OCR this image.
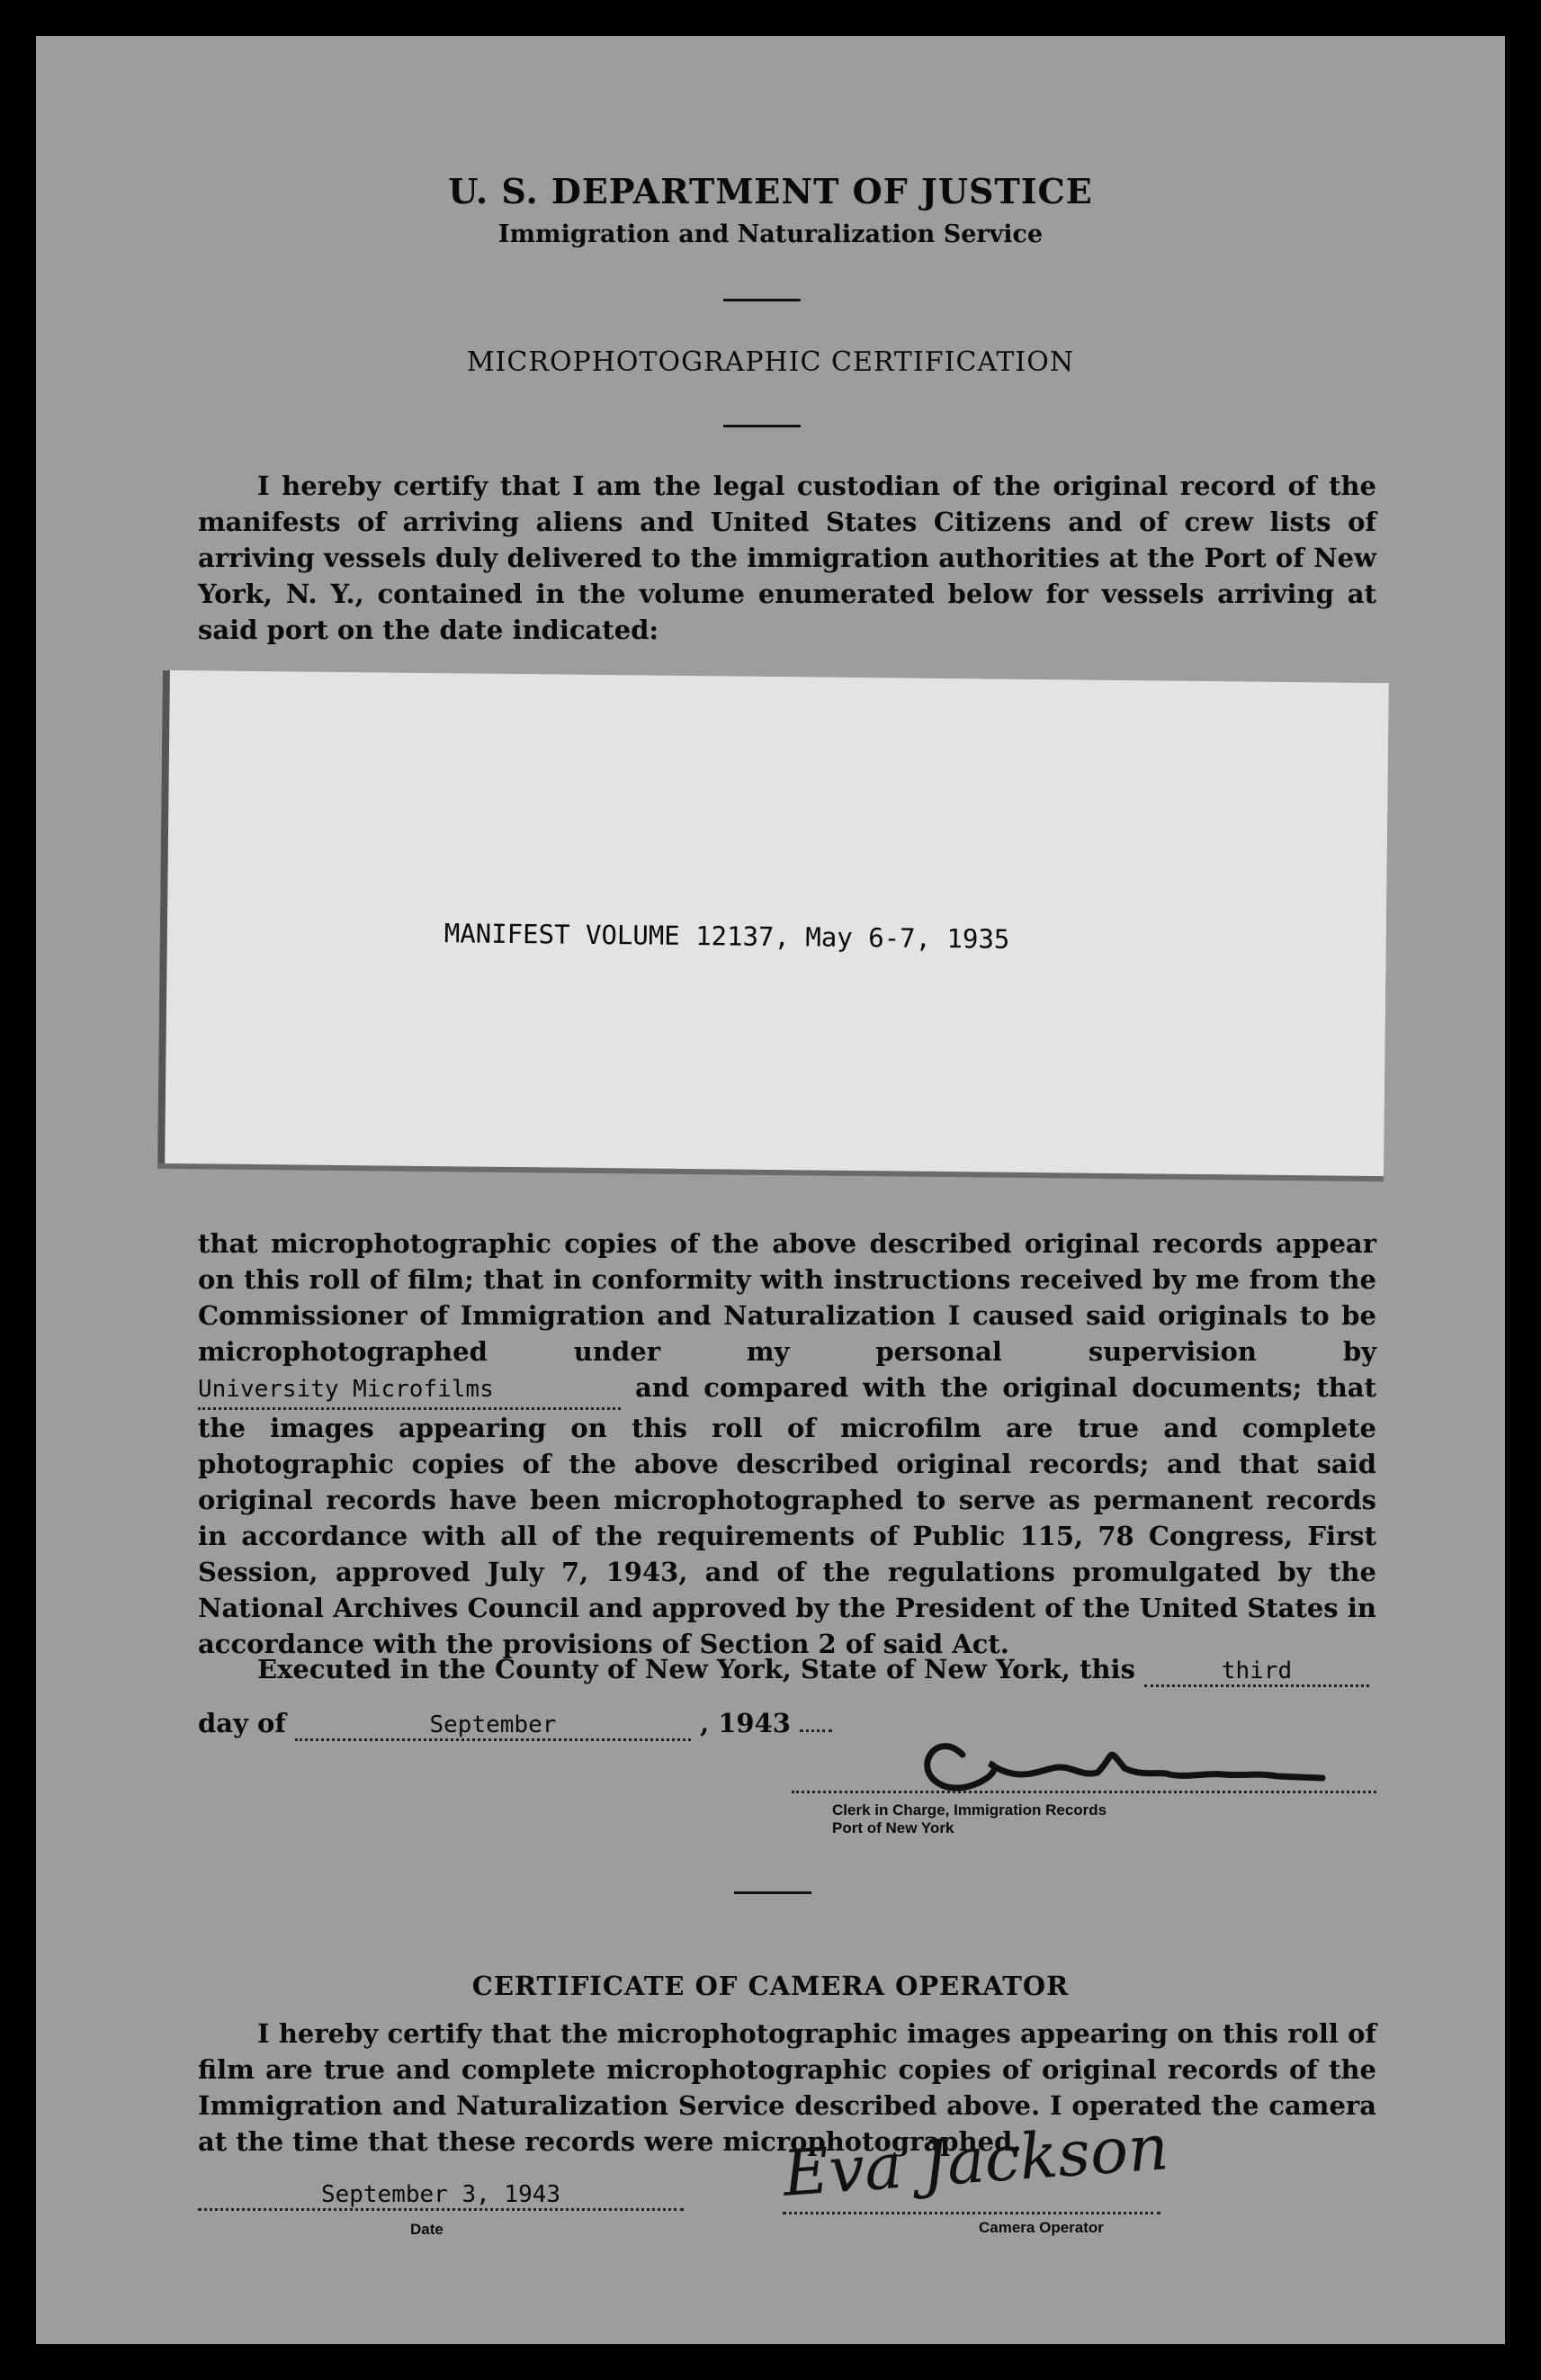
U. S. DEPARTMENT OF JUSTICE
Immigration and Naturalization Service
MICROPHOTOGRAPHIC CERTIFICATION
I hereby certify that I am the legal custodian of the original record of the manifests of arriving aliens and United States Citizens and of crew lists of arriving vessels duly delivered to the immigration authorities at the Port of New York, N. Y., contained in the volume enumerated below for vessels arriving at said port on the date indicated:
MANIFEST VOLUME 12137, May 6-7, 1935
that microphotographic copies of the above described original records appear on this roll of film; that in conformity with instructions received by me from the Commissioner of Immigration and Naturalization I caused said originals to be microphotographed under my personal supervision by University Microfilms	and compared with the original documents; that the images appearing on this roll of microfilm are true and complete photographic copies of the above described original records; and that said original records have been microphotographed to serve as permanent records in accordance with all of the requirements of Public 115, 78 Congress, First Session, approved July 7, 1943, and of the regulations promulgated by the National Archives Council and approved by the President of the United States in accordance with the provisions of Section 2 of said Act.
Executed in the County of New York, State of New York, this	third
day of	September	, 1943
Clerk in Charge, Immigration Records
Port of New York
CERTIFICATE OF CAMERA OPERATOR
I hereby certify that the microphotographic images appearing on this roll of film are true and complete microphotographic copies of original records of the Immigration and Naturalization Service described above. I operated the camera at the time that these records were microphotographed.
September 3, 1943
Date
Eva Jackson
Camera Operator
